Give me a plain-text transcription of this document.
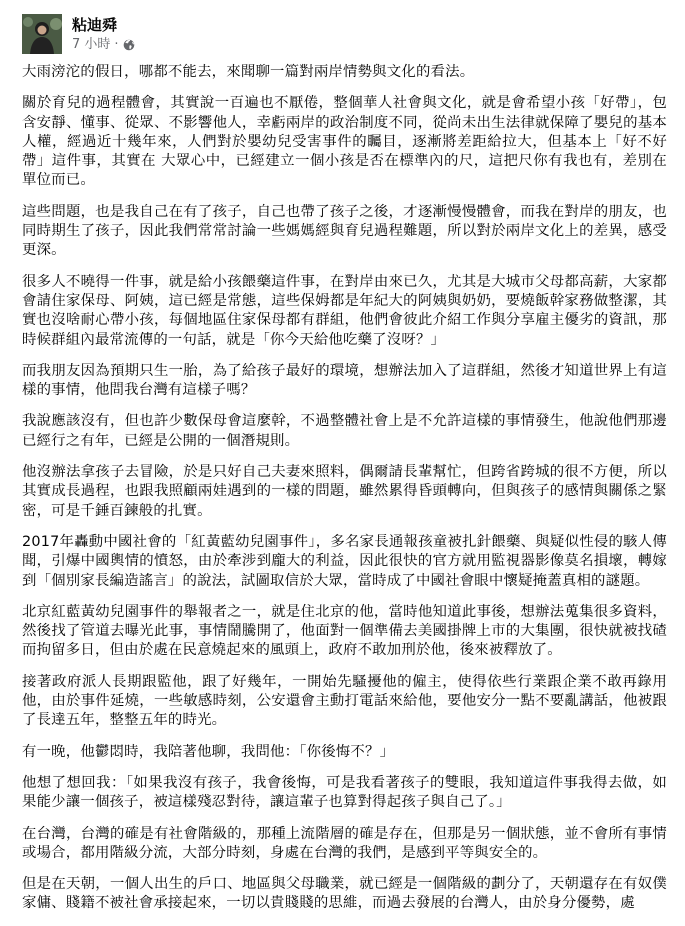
粘迪舜
7 小時 ·

大雨滂沱的假日，哪都不能去，來聞聊一篇對兩岸情勢與文化的看法。

關於育兒的過程體會，其實說一百遍也不厭倦，整個華人社會與文化，就是會希望小孩「好帶」，包含安靜、懂事、從眾、不影響他人，幸虧兩岸的政治制度不同，從尚未出生法律就保障了嬰兒的基本人權，經過近十幾年來，人們對於嬰幼兒受害事件的矚目，逐漸將差距給拉大，但基本上「好不好帶」這件事，其實在 大眾心中，已經建立一個小孩是否在標準內的尺，這把尺你有我也有，差別在單位而已。

這些問題，也是我自己在有了孩子，自己也帶了孩子之後，才逐漸慢慢體會，而我在對岸的朋友，也同時期生了孩子，因此我們常常討論一些媽媽經與育兒過程難題，所以對於兩岸文化上的差異，感受更深。

很多人不曉得一件事，就是給小孩餵藥這件事，在對岸由來已久，尤其是大城市父母都高薪，大家都會請住家保母、阿姨，這已經是常態，這些保姆都是年紀大的阿姨與奶奶，要燒飯幹家務做整潔，其實也沒啥耐心帶小孩，每個地區住家保母都有群組，他們會彼此介紹工作與分享雇主優劣的資訊，那時候群組內最常流傳的一句話，就是「你今天給他吃藥了沒呀？」

而我朋友因為預期只生一胎，為了給孩子最好的環境，想辦法加入了這群組，然後才知道世界上有這樣的事情，他問我台灣有這樣子嗎？

我說應該沒有，但也許少數保母會這麼幹，不過整體社會上是不允許這樣的事情發生，他說他們那邊已經行之有年，已經是公開的一個潛規則。

他沒辦法拿孩子去冒險，於是只好自己夫妻來照料，偶爾請長輩幫忙，但跨省跨城的很不方便，所以其實成長過程，也跟我照顧兩娃遇到的一樣的問題，雖然累得昏頭轉向，但與孩子的感情與關係之緊密，可是千錘百鍊般的扎實。

2017年轟動中國社會的「紅黃藍幼兒園事件」，多名家長通報孩童被扎針餵藥、與疑似性侵的駭人傳聞，引爆中國輿情的憤怒，由於牽涉到龐大的利益，因此很快的官方就用監視器影像莫名損壞，轉嫁到「個別家長編造謠言」的說法，試圖取信於大眾，當時成了中國社會眼中懷疑掩蓋真相的謎題。

北京紅藍黃幼兒園事件的舉報者之一，就是住北京的他，當時他知道此事後，想辦法蒐集很多資料，然後找了管道去曝光此事，事情鬧騰開了，他面對一個準備去美國掛牌上市的大集團，很快就被找碴而拘留多日，但由於處在民意燒起來的風頭上，政府不敢加刑於他，後來被釋放了。

接著政府派人長期跟監他，跟了好幾年，一開始先騷擾他的僱主，使得依些行業跟企業不敢再錄用他，由於事件延燒，一些敏感時刻，公安還會主動打電話來給他，要他安分一點不要亂講話，他被跟了長達五年，整整五年的時光。

有一晚，他鬱悶時，我陪著他聊，我問他：「你後悔不？」

他想了想回我：「如果我沒有孩子，我會後悔，可是我看著孩子的雙眼，我知道這件事我得去做，如果能少讓一個孩子，被這樣殘忍對待，讓這輩子也算對得起孩子與自己了。」

在台灣，台灣的確是有社會階級的，那種上流階層的確是存在，但那是另一個狀態，並不會所有事情或場合，都用階級分流，大部分時刻，身處在台灣的我們，是感到平等與安全的。

但是在天朝，一個人出生的戶口、地區與父母職業，就已經是一個階級的劃分了，天朝還存在有奴僕家傭、賤籍不被社會承接起來，一切以貴賤賤的思維，而過去發展的台灣人，由於身分優勢，處
